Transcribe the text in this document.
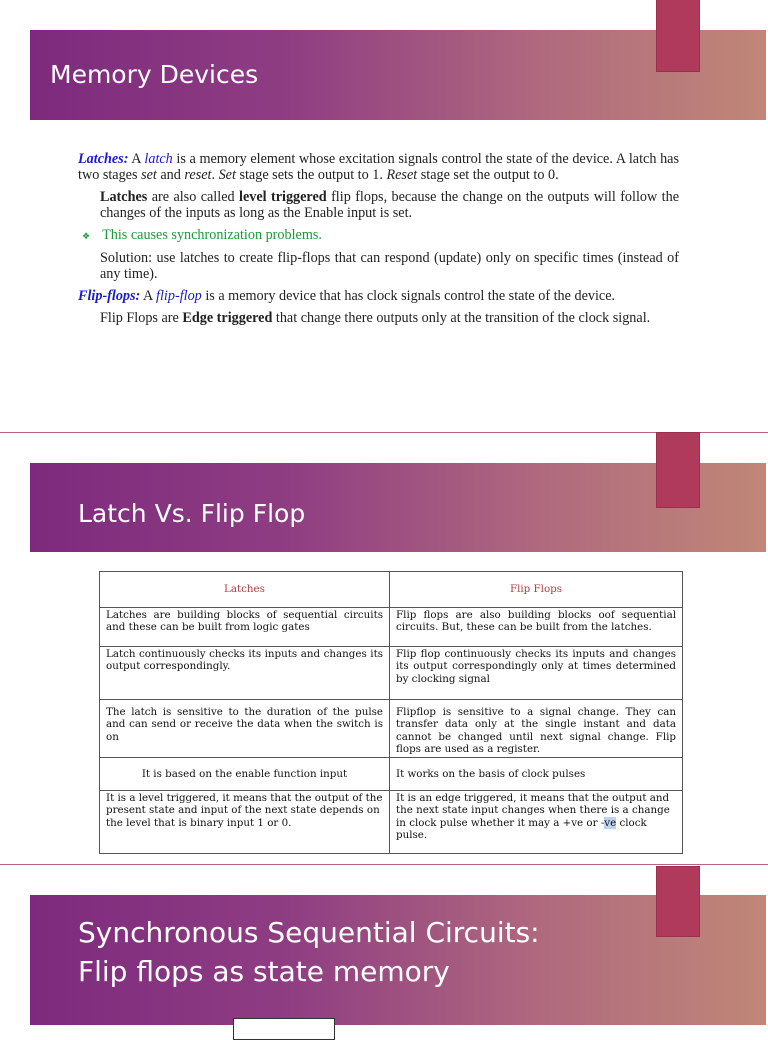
Memory Devices

Latches: A latch is a memory element whose excitation signals control the state of the device. A latch has two stages set and reset. Set stage sets the output to 1. Reset stage set the output to 0.

Latches are also called level triggered flip flops, because the change on the outputs will follow the changes of the inputs as long as the Enable input is set.

❖ This causes synchronization problems.

Solution: use latches to create flip-flops that can respond (update) only on specific times (instead of any time).

Flip-flops: A flip-flop is a memory device that has clock signals control the state of the device.

Flip Flops are Edge triggered that change there outputs only at the transition of the clock signal.

Latch Vs. Flip Flop
Latches	Flip Flops
Latches are building blocks of sequential circuits and these can be built from logic gates	Flip flops are also building blocks oof sequential circuits. But, these can be built from the latches.
Latch continuously checks its inputs and changes its output correspondingly.	Flip flop continuously checks its inputs and changes its output correspondingly only at times determined by clocking signal
The latch is sensitive to the duration of the pulse and can send or receive the data when the switch is on	Flipflop is sensitive to a signal change. They can transfer data only at the single instant and data cannot be changed until next signal change. Flip flops are used as a register.
It is based on the enable function input	It works on the basis of clock pulses
It is a level triggered, it means that the output of the present state and input of the next state depends on the level that is binary input 1 or 0.	It is an edge triggered, it means that the output and the next state input changes when there is a change in clock pulse whether it may a +ve or -ve clock pulse.
Synchronous Sequential Circuits:
Flip flops as state memory
